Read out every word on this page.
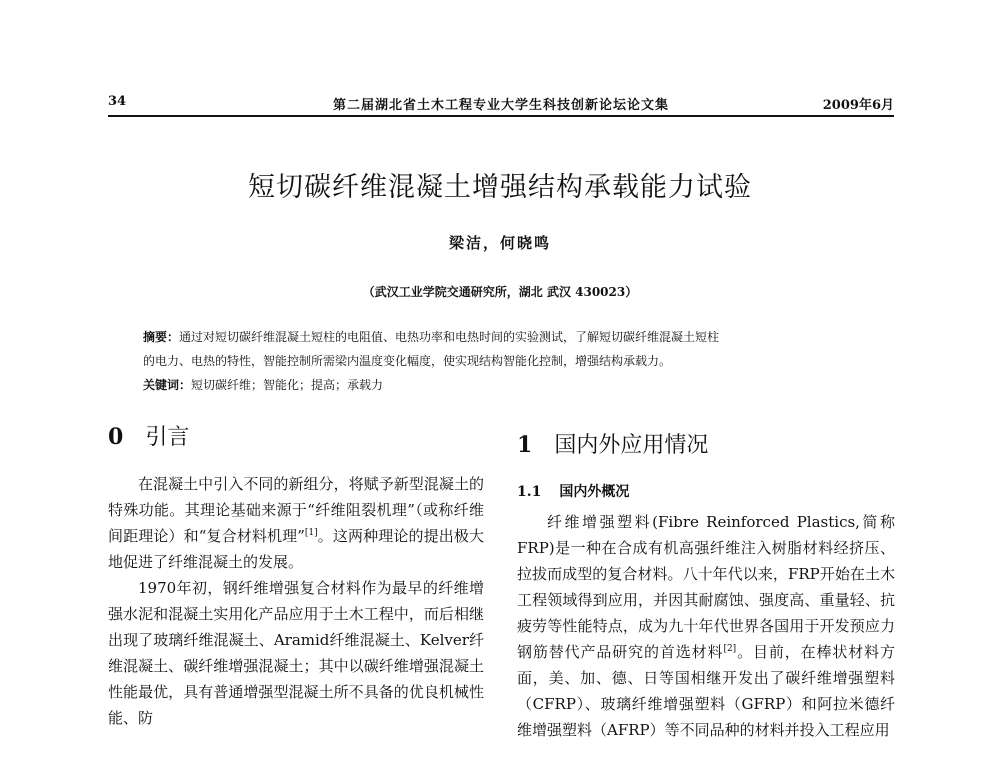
34	第二届湖北省土木工程专业大学生科技创新论坛论文集	2009年6月
短切碳纤维混凝土增强结构承载能力试验
梁洁，何晓鸣
（武汉工业学院交通研究所，湖北 武汉 430023）

摘要：通过对短切碳纤维混凝土短柱的电阻值、电热功率和电热时间的实验测试，了解短切碳纤维混凝土短柱

的电力、电热的特性，智能控制所需梁内温度变化幅度，使实现结构智能化控制，增强结构承载力。

关键词：短切碳纤维；智能化；提高；承载力

0 引言

在混凝土中引入不同的新组分，将赋予新型混凝土的特殊功能。其理论基础来源于“纤维阻裂机理”（或称纤维间距理论）和“复合材料机理”[1]。这两种理论的提出极大地促进了纤维混凝土的发展。

1970年初，钢纤维增强复合材料作为最早的纤维增强水泥和混凝土实用化产品应用于土木工程中，而后相继出现了玻璃纤维混凝土、Aramid纤维混凝土、Kelver纤维混凝土、碳纤维增强混凝土；其中以碳纤维增强混凝土性能最优，具有普通增强型混凝土所不具备的优良机械性能、防

1 国内外应用情况
1.1 国内外概况

纤维增强塑料(Fibre Reinforced Plastics,简称FRP)是一种在合成有机高强纤维注入树脂材料经挤压、拉拔而成型的复合材料。八十年代以来，FRP开始在土木工程领域得到应用，并因其耐腐蚀、强度高、重量轻、抗疲劳等性能特点，成为九十年代世界各国用于开发预应力钢筋替代产品研究的首选材料[2]。目前，在棒状材料方面，美、加、德、日等国相继开发出了碳纤维增强塑料（CFRP）、玻璃纤维增强塑料（GFRP）和阿拉米德纤维增强塑料（AFRP）等不同品种的材料并投入工程应用
